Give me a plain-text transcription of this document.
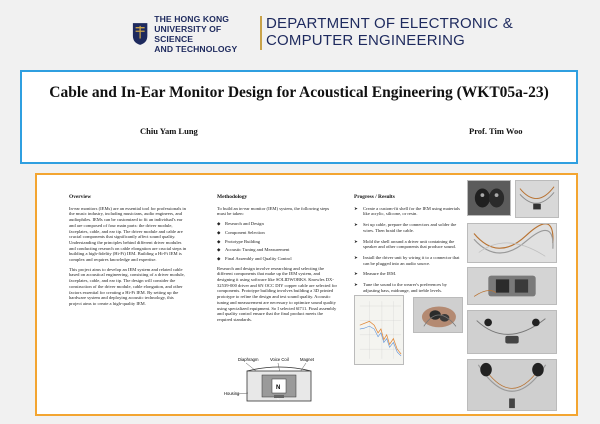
THE HONG KONG
UNIVERSITY OF SCIENCE
AND TECHNOLOGY
DEPARTMENT OF ELECTRONIC &
COMPUTER ENGINEERING
Cable and In-Ear Monitor Design for Acoustical Engineering (WKT05a-23)
Chiu Yam Lung	Prof. Tim Woo
Overview

In-ear monitors (IEMs) are an essential tool for professionals in the music industry, including musicians, audio engineers, and audiophiles. IEMs can be customized to fit an individual's ear and are composed of four main parts: the driver module, faceplates, cable, and ear tip. The driver module and cable are crucial components that significantly affect sound quality. Understanding the principles behind different driver modules and conducting research on cable elongation are crucial steps in building a high-fidelity (Hi-Fi) IEM. Building a Hi-Fi IEM is complex and requires knowledge and expertise.

This project aims to develop an IEM system and related cable based on acoustical engineering, consisting of a driver module, faceplates, cable, and ear tip. The design will consider the construction of the driver module, cable elongation, and other factors essential for creating a Hi-Fi IEM. By setting up the hardware system and deploying acoustic technology, this project aims to create a high-quality IEM.

Methodology

To build an in-ear monitor (IEM) system, the following steps must be taken:

◆ Research and Design
◆ Component Selection
◆ Prototype Building
◆ Acoustic Tuning and Measurement
◆ Final Assembly and Quality Control

Research and design involve researching and selecting the different components that make up the IEM system, and designing it using software like SOLIDWORKS. Knowles DX-32539-000 driver and 6N OCC DIY copper cable are selected for components. Prototype building involves building a 3D printed prototype to refine the design and test sound quality. Acoustic tuning and measurement are necessary to optimize sound quality using specialized equipment. So I selected 6l711. Final assembly and quality control ensure that the final product meets the required standards.

Diaphragm	Voice Coil	Magnet
N
S
Housing
Progress / Results
➤ Create a custom-fit shell for the IEM using materials like acrylic, silicone, or resin.
➤ Set up cable, prepare the connectors and solder the wires. Then braid the cable.
➤ Mold the shell around a driver unit containing the speaker and other components that produce sound.
➤ Install the driver unit by wiring it to a connector that can be plugged into an audio source.
➤ Measure the IEM.
➤ Tune the sound to the wearer's preferences by adjusting bass, midrange, and treble levels.
